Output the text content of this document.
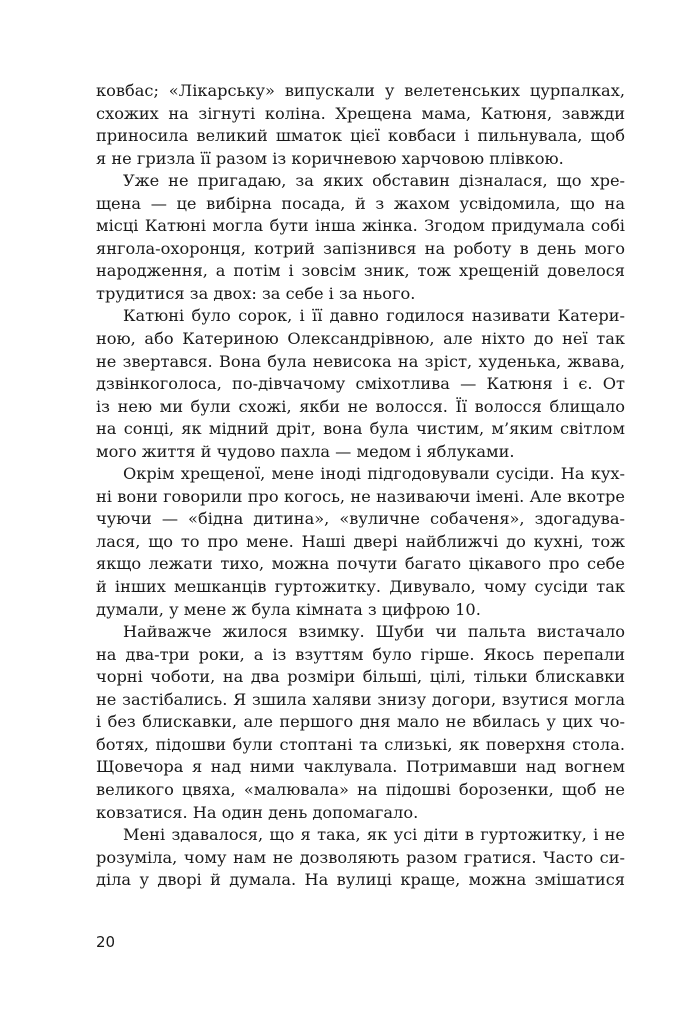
ковбас; «Лікарську» випускали у велетенських цурпалках,
схожих на зігнуті коліна. Хрещена мама, Катюня, завжди
приносила великий шматок цієї ковбаси і пильнувала, щоб
я не гризла її разом із коричневою харчовою плівкою.
Уже не пригадаю, за яких обставин дізналася, що хре-
щена — це вибірна посада, й з жахом усвідомила, що на
місці Катюні могла бути інша жінка. Згодом придумала собі
янгола-охоронця, котрий запізнився на роботу в день мого
народження, а потім і зовсім зник, тож хрещеній довелося
трудитися за двох: за себе і за нього.
Катюні було сорок, і її давно годилося називати Катери-
ною, або Катериною Олександрівною, але ніхто до неї так
не звертався. Вона була невисока на зріст, худенька, жвава,
дзвінкоголоса, по-дівчачому сміхотлива — Катюня і є. От
із нею ми були схожі, якби не волосся. Її волосся блищало
на сонці, як мідний дріт, вона була чистим, м’яким світлом
мого життя й чудово пахла — медом і яблуками.
Окрім хрещеної, мене іноді підгодовували сусіди. На кух-
ні вони говорили про когось, не називаючи імені. Але вкотре
чуючи — «бідна дитина», «вуличне собаченя», здогадува-
лася, що то про мене. Наші двері найближчі до кухні, тож
якщо лежати тихо, можна почути багато цікавого про себе
й інших мешканців гуртожитку. Дивувало, чому сусіди так
думали, у мене ж була кімната з цифрою 10.
Найважче жилося взимку. Шуби чи пальта вистачало
на два-три роки, а із взуттям було гірше. Якось перепали
чорні чоботи, на два розміри більші, цілі, тільки блискавки
не застібались. Я зшила халяви знизу догори, взутися могла
і без блискавки, але першого дня мало не вбилась у цих чо-
ботях, підошви були стоптані та слизькі, як поверхня стола.
Щовечора я над ними чаклувала. Потримавши над вогнем
великого цвяха, «малювала» на підошві борозенки, щоб не
ковзатися. На один день допомагало.
Мені здавалося, що я така, як усі діти в гуртожитку, і не
розуміла, чому нам не дозволяють разом гратися. Часто си-
ділa у дворі й думала. На вулиці краще, можна змішатися
20
